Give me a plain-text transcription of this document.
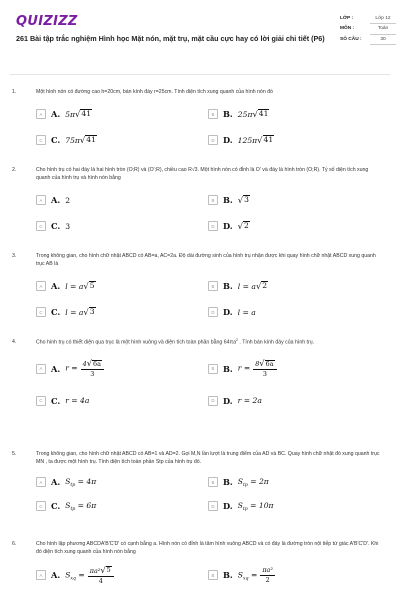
QUIZIZZ
261 Bài tập trắc nghiệm Hình học Mặt nón, mặt trụ, mặt cầu cực hay có lời giải chi tiết (P6)
LỚP :	Lớp 12
MÔN :	Toán
SỐ CÂU :	30
1.	Một hình nón có đường cao h=20cm, bán kính đáy r=25cm. Tính diện tích xung quanh của hình nón đó
A	A. 5π √ 41	B	B. 25π √ 41
C	C. 75π √ 41	D	D. 125π √ 41
2.	Cho hình trụ có hai đáy là hai hình tròn (O;R) và (O';R), chiều cao R√3. Một hình nón có đỉnh là O' và đáy là hình tròn (O;R). Tỷ số diện tích xung quanh của hình trụ và hình nón bằng
A	A. 2	B	B. √ 3
C	C. 3	D	D. √ 2
3.	Trong không gian, cho hình chữ nhật ABCD có AB=a, AC=2a. Độ dài đường sinh của hình trụ nhận được khi quay hình chữ nhật ABCD xung quanh trục AB là
A	A. l = a √ 5	B	B. l = a √ 2
C	C. l = a √ 3	D	D. l = a
4.	Cho hình trụ có thiết diện qua trục là một hình vuông và diện tích toàn phần bằng $64\pi a^2$ . Tính bán kính đáy của hình trụ.
A	A. $r = \frac{4 √ 6a}{3}$	B	B. $r = \frac{8 √ 6a}{3}$
C	C. r = 4a	D	D. r = 2a
5.	Trong không gian, cho hình chữ nhật ABCD có AB=1 và AD=2. Gọi M,N lần lượt là trung điểm của AD và BC. Quay hình chữ nhật đó xung quanh trục MN , ta được một hình trụ. Tính diện tích toàn phần Stp của hình trụ đó.
A	A. $S_{tp} = 4\pi$	B	B. $S_{tp} = 2\pi$
C	C. $S_{tp} = 6\pi$	D	D. $S_{tp} = 10\pi$
6.	Cho hình lập phương ABCDA'B'C'D' có cạnh bằng a. Hình nón có đỉnh là tâm hình vuông ABCD và có đáy là đường tròn nội tiếp tứ giác A'B'C'D'. Khi đó diện tích xung quanh của hình nón bằng
A	A. $S_{xq} = \frac{\text{πa² √ 5}}{4}$	B	B. $S_{xq} = \frac{\text{πa²}}{2}$
